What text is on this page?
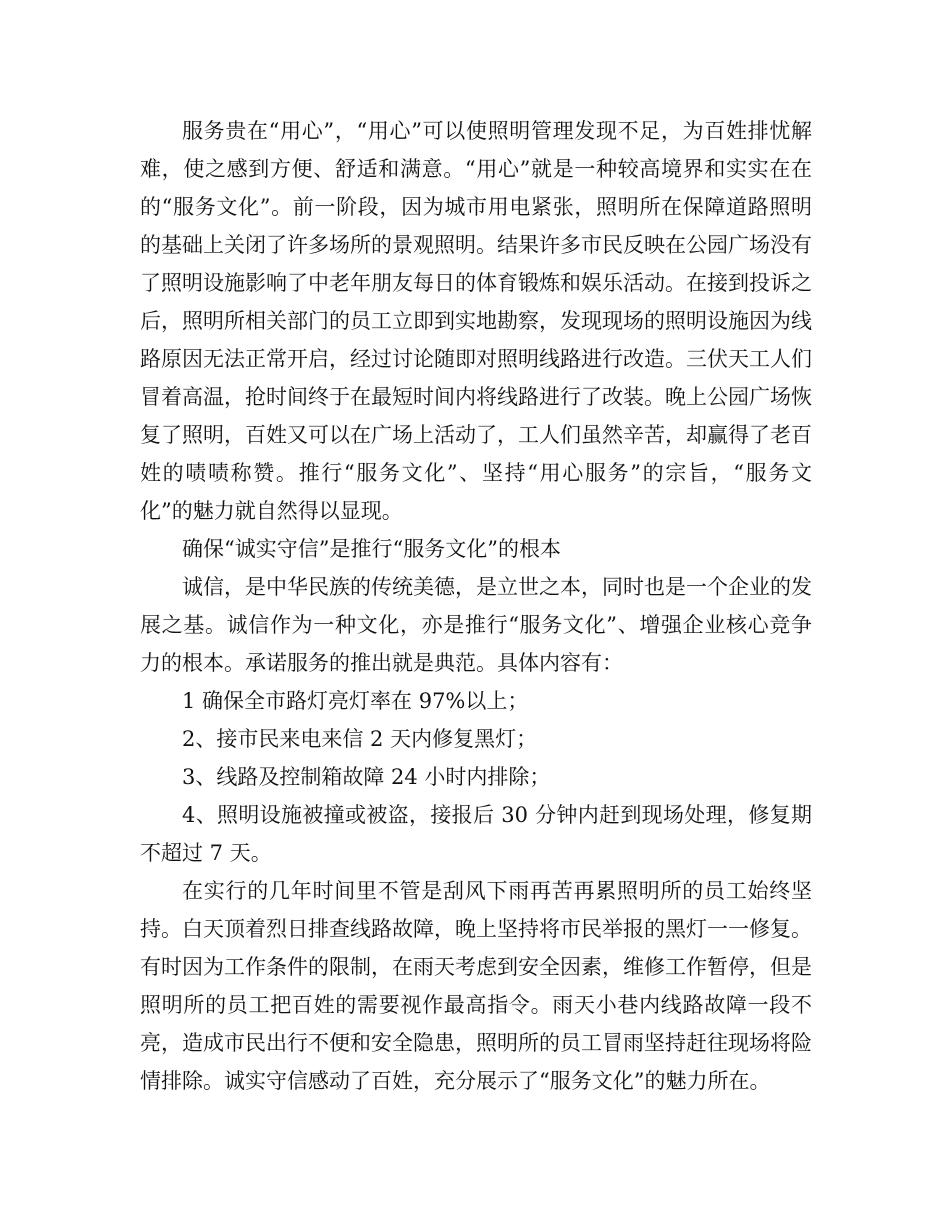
服务贵在“用心”，“用心”可以使照明管理发现不足，为百姓排忧解难，使之感到方便、舒适和满意。“用心”就是一种较高境界和实实在在的“服务文化”。前一阶段，因为城市用电紧张，照明所在保障道路照明的基础上关闭了许多场所的景观照明。结果许多市民反映在公园广场没有了照明设施影响了中老年朋友每日的体育锻炼和娱乐活动。在接到投诉之后，照明所相关部门的员工立即到实地勘察，发现现场的照明设施因为线路原因无法正常开启，经过讨论随即对照明线路进行改造。三伏天工人们冒着高温，抢时间终于在最短时间内将线路进行了改装。晚上公园广场恢复了照明，百姓又可以在广场上活动了，工人们虽然辛苦，却赢得了老百姓的啧啧称赞。推行“服务文化”、坚持“用心服务”的宗旨，“服务文化”的魅力就自然得以显现。

确保“诚实守信”是推行“服务文化”的根本

诚信，是中华民族的传统美德，是立世之本，同时也是一个企业的发展之基。诚信作为一种文化，亦是推行“服务文化”、增强企业核心竞争力的根本。承诺服务的推出就是典范。具体内容有：

1 确保全市路灯亮灯率在 97%以上；

2、接市民来电来信 2 天内修复黑灯；

3、线路及控制箱故障 24 小时内排除；

4、照明设施被撞或被盗，接报后 30 分钟内赶到现场处理，修复期不超过 7 天。

在实行的几年时间里不管是刮风下雨再苦再累照明所的员工始终坚持。白天顶着烈日排查线路故障，晚上坚持将市民举报的黑灯一一修复。有时因为工作条件的限制，在雨天考虑到安全因素，维修工作暂停，但是照明所的员工把百姓的需要视作最高指令。雨天小巷内线路故障一段不亮，造成市民出行不便和安全隐患，照明所的员工冒雨坚持赶往现场将险情排除。诚实守信感动了百姓，充分展示了“服务文化”的魅力所在。
